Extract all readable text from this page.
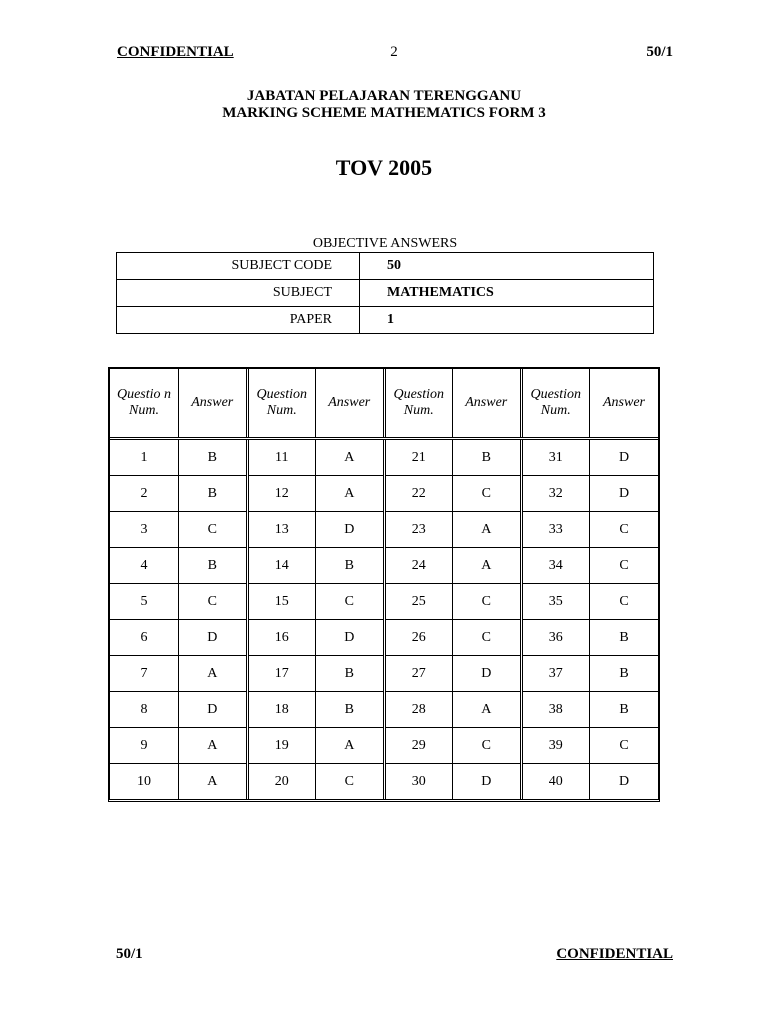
CONFIDENTIAL	2	50/1
JABATAN PELAJARAN TERENGGANU
MARKING SCHEME MATHEMATICS FORM 3
TOV 2005
OBJECTIVE ANSWERS
SUBJECT CODE	50
SUBJECT	MATHEMATICS
PAPER	1
Questio n Num.	Answer	Question Num.	Answer	Question Num.	Answer	Question Num.	Answer
1	B	11	A	21	B	31	D
2	B	12	A	22	C	32	D
3	C	13	D	23	A	33	C
4	B	14	B	24	A	34	C
5	C	15	C	25	C	35	C
6	D	16	D	26	C	36	B
7	A	17	B	27	D	37	B
8	D	18	B	28	A	38	B
9	A	19	A	29	C	39	C
10	A	20	C	30	D	40	D
50/1	CONFIDENTIAL
